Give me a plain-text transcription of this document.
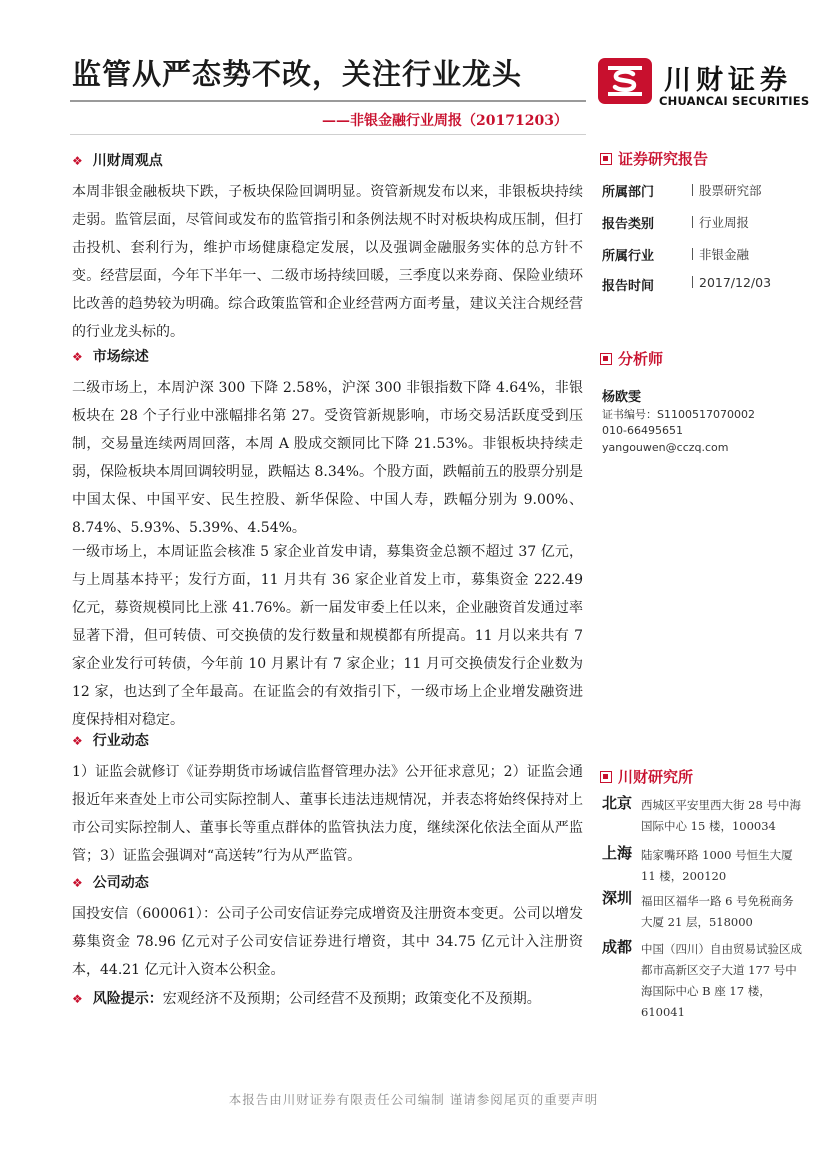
监管从严态势不改，关注行业龙头
——非银金融行业周报（20171203）
川财证券
CHUANCAI SECURITIES
❖ 川财周观点
本周非银金融板块下跌，子板块保险回调明显。资管新规发布以来，非银板块持续走弱。监管层面，尽管间或发布的监管指引和条例法规不时对板块构成压制，但打击投机、套利行为，维护市场健康稳定发展，以及强调金融服务实体的总方针不变。经营层面，今年下半年一、二级市场持续回暖，三季度以来券商、保险业绩环比改善的趋势较为明确。综合政策监管和企业经营两方面考量，建议关注合规经营的行业龙头标的。
❖ 市场综述
二级市场上，本周沪深 300 下降 2.58%，沪深 300 非银指数下降 4.64%，非银板块在 28 个子行业中涨幅排名第 27。受资管新规影响，市场交易活跃度受到压制，交易量连续两周回落，本周 A 股成交额同比下降 21.53%。非银板块持续走弱，保险板块本周回调较明显，跌幅达 8.34%。个股方面，跌幅前五的股票分别是中国太保、中国平安、民生控股、新华保险、中国人寿，跌幅分别为 9.00%、8.74%、5.93%、5.39%、4.54%。
一级市场上，本周证监会核准 5 家企业首发申请，募集资金总额不超过 37 亿元，与上周基本持平；发行方面，11 月共有 36 家企业首发上市，募集资金 222.49 亿元，募资规模同比上涨 41.76%。新一届发审委上任以来，企业融资首发通过率显著下滑，但可转债、可交换债的发行数量和规模都有所提高。11 月以来共有 7 家企业发行可转债，今年前 10 月累计有 7 家企业；11 月可交换债发行企业数为 12 家，也达到了全年最高。在证监会的有效指引下，一级市场上企业增发融资进度保持相对稳定。
❖ 行业动态
1）证监会就修订《证券期货市场诚信监督管理办法》公开征求意见；2）证监会通报近年来查处上市公司实际控制人、董事长违法违规情况，并表态将始终保持对上市公司实际控制人、董事长等重点群体的监管执法力度，继续深化依法全面从严监管；3）证监会强调对“高送转”行为从严监管。
❖ 公司动态
国投安信（600061）：公司子公司安信证券完成增资及注册资本变更。公司以增发募集资金 78.96 亿元对子公司安信证券进行增资，其中 34.75 亿元计入注册资本，44.21 亿元计入资本公积金。
❖ 风险提示：宏观经济不及预期；公司经营不及预期；政策变化不及预期。
证券研究报告
所属部门	股票研究部
报告类别	行业周报
所属行业	非银金融
报告时间	2017/12/03
分析师
杨欧雯
证书编号：S1100517070002
010-66495651
yangouwen@cczq.com
川财研究所
北京 西城区平安里西大街 28 号中海国际中心 15 楼，100034
上海 陆家嘴环路 1000 号恒生大厦 11 楼，200120
深圳 福田区福华一路 6 号免税商务大厦 21 层，518000
成都 中国（四川）自由贸易试验区成都市高新区交子大道 177 号中海国际中心 B 座 17 楼，610041
本报告由川财证券有限责任公司编制 谨请参阅尾页的重要声明
